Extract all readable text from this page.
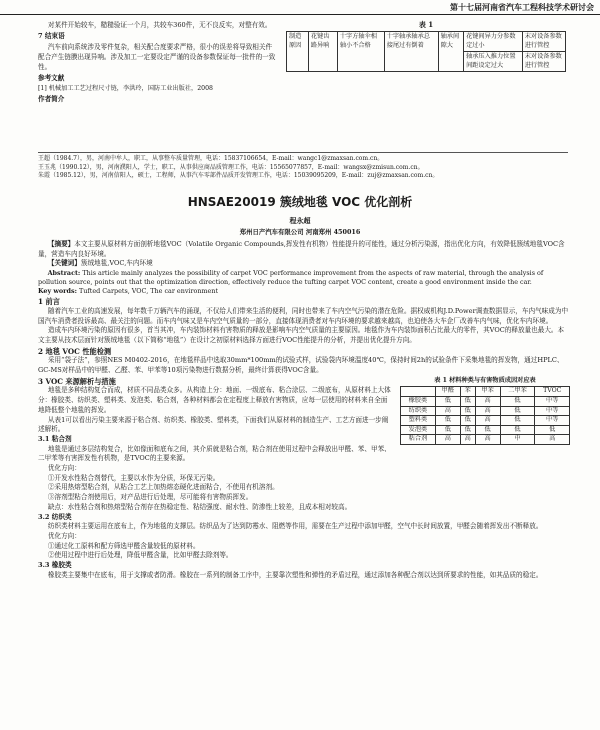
第十七届河南省汽车工程科技学术研讨会

对某件开始较车，糙糙验证一个月，共较车360件，无不良反实，对整有效。

7 结束语

汽车前向系统涉及零件复杂，相关配合度要求严格，很小的误差将导致相关件配合产生链膜出现异响。涉及加工一定要设定严谨的设备参数保证每一批件的一致性。

参考文献
[1] 机械加工工艺过程尺寸链，李洪玲，国防工业出版社，2008
作者简介
表 1
制造原因	花键齿路异响	十字方轴伞相轴小不合格	十字轴承轴承总接尾过有倒着	轴承间隙大	花键间异力分参数定过小	末对设备参数进行管控
					轴承压入推力位置 间距设定过大	末对设备参数进行管控
王超（1984.7），男，河南中牟人，职工，从事整车质量管理，电话：15837106654，E-mail：wangc1@zmaxsan.com.cn。
王玉兆（1990.12），男，河南濮阳人，学士，职工，从事供应商品质管理工作，电话：15565077857，E-mail：wangsx@zmisun.com.cn。
朱霞（1985.12），男，河南信阳人，硕士，工程师，从事汽车零部件品质开发管理工作，电话：15039095209，E-mail：zuj@zmaxsan.com.cn。
HNSAE20019 簇绒地毯 VOC 优化剖析
程永超
郑州日产汽车有限公司 河南郑州 450016

【摘要】本文主要从原材料方面剖析地毯VOC（Volatile Organic Compounds,挥发性有机物）性能提升的可能性，通过分析污染源，指出优化方向，有效降低簇绒地毯VOC含量，营造车内良好环境。

【关键词】簇绒地毯,VOC,车内环境

Abstract: This article mainly analyzes the possibility of carpet VOC performance improvement from the aspects of raw material, through the analysis of pollution source, points out that the optimization direction, effectively reduce the tufting carpet VOC content, create a good environment inside the car.

Key words: Tufted Carpets, VOC, The car environment

1 前言

随着汽车工业的高速发展，每年数千万辆汽车的涌现，不仅给人们带来生活的便利，同时也带来了车内空气污染的潜在危险。据权威机构J.D.Power调查数据显示，车内气味成为中国汽车消费者投诉最高、最关注的问题。而车内气味又是车内空气质量的一部分，直接体现消费者对车内环境的要求越来越高，也迫使各大车企厂改善车内气味，优化车内环境。

造成车内环境污染的原因有很多，首当其冲，车内装饰材料有害物质的释放是影响车内空气质量的主要原因。地毯作为车内装饰面积占比最大的零件，其VOC的释放量也最大。本文主要从技术层面针对簇绒地毯（以下简称“地毯”）在设计之初原材料选择方面进行VOC性能提升的分析，并提出优化提升方向。

2 地毯 VOC 性能检测

采用“袋子法”，参照NES M0402-2016，在地毯样品中选取30mm*100mm的试验式样，试验袋内环境温度40℃，保持时间2h的试验条件下采集地毯的挥发物，通过HPLC、GC-MS对样品中的甲醛、乙醛、苯、甲苯等10项污染物进行数据分析，最终计算获得VOC含量。

表 1 材料种类与有害物质成因对应表
	甲醛	苯	甲苯	二甲苯	TVOC
橡胶类	低	低	高	低	中等
纺织类	高	低	高	低	中等
塑料类	低	低	高	低	中等
发泡类	低	低	低	低	低
粘合剂	高	高	高	中	高
3 VOC 来源解析与措施

地毯是多种结构复合而成，材质不同品类众多。从构造上分：地面、一级底布、粘合涂层、二级底布，从原材料上大体分：橡胶类、纺织类、塑料类、发泡类、粘合剂，各种材料都会在定程度上释放有害物质，应每一层使用的材料来自全面地降低整个地毯的挥发。

从表1可以看出污染主要来源于粘合剂、纺织类、橡胶类、塑料类，下面我们从原材料的制造生产、工艺方面进一步阐述解析。

3.1 粘合剂

地毯是通过多层结构复合，比如像面和底布之间，其介质就是粘合剂，粘合剂在使用过程中会释放出甲醛、苯、甲苯、二甲苯等有害挥发性有机物，是TVOC的主要来源。

优化方向：

①开发水性粘合剂替代，主要以水作为分质，环保无污染。

②采用热熔型粘合剂，从粘合工艺上加热熔态硬化进面粘合，不使用有机溶剂。

③溶剂型粘合剂使用后，对产品进行后处理，尽可能将有害物质挥发。

缺点：水性粘合剂和热熔型粘合剂存在热稳定性、粘结强度、耐水性、防渗性上较差，且成本相对较高。

3.2 纺织类

纺织类材料主要运用在底布上，作为地毯的支撑层。纺织品为了达到防霉水、阻燃等作用，需要在生产过程中添加甲醛，空气中长时间放置，甲醛会随着挥发出不断释放。

优化方向：

①通过化工原料和配方筛选甲醛含量较低的原材料。

②使用过程中进行后处理，降低甲醛含量，比如甲醛去除剂等。

3.3 橡胶类

橡胶类主要集中在底布，用于支撑或者防滑。橡胶在一系列的制备工序中，主要靠次塑性和弹性的矛盾过程，通过添加各种配合剂以达到所要求的性能，如其品质的稳定。
